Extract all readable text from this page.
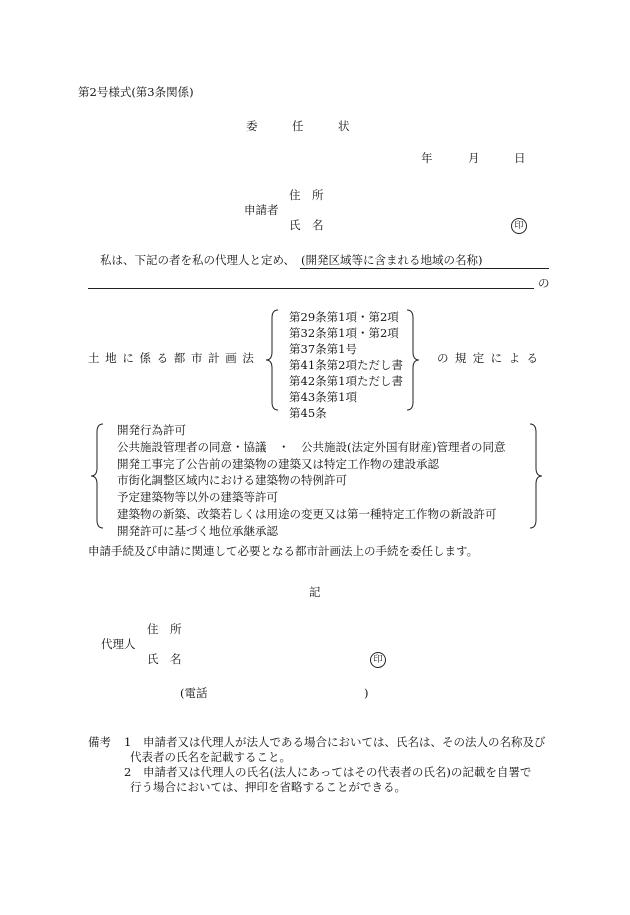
第2号様式(第3条関係)
委　　　任　　　状
年	月	日
住　所
申請者
氏　名	印
私は、下記の者を私の代理人と定め、 (開発区域等に含まれる地域の名称)
の
土 地 に 係 る 都 市 計 画 法
第29条第1項・第2項
第32条第1項・第2項
第37条第1号
第41条第2項ただし書
第42条第1項ただし書
第43条第1項
第45条
の 規 定 に よ る
開発行為許可
公共施設管理者の同意・協議　・　公共施設(法定外国有財産)管理者の同意
開発工事完了公告前の建築物の建築又は特定工作物の建設承認
市街化調整区域内における建築物の特例許可
予定建築物等以外の建築等許可
建築物の新築、改築若しくは用途の変更又は第一種特定工作物の新設許可
開発許可に基づく地位承継承認
申請手続及び申請に関連して必要となる都市計画法上の手続を委任します。
記
住　所
代理人
氏　名	印
(電話	)
備考 1 申請者又は代理人が法人である場合においては、氏名は、その法人の名称及び
代表者の氏名を記載すること。
2 申請者又は代理人の氏名(法人にあってはその代表者の氏名)の記載を自署で
行う場合においては、押印を省略することができる。
